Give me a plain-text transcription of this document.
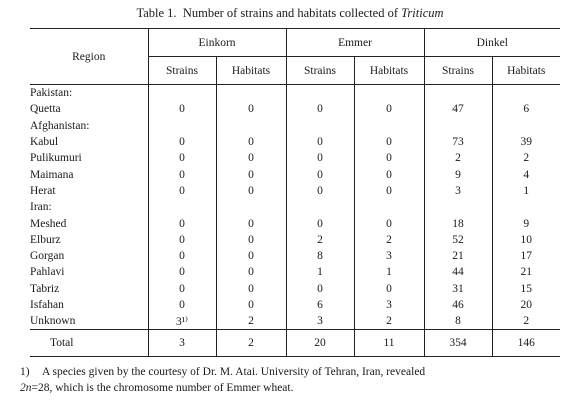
Table 1. Number of strains and habitats collected of Triticum
Region	Einkorn		Emmer		Dinkel	
	Strains	Habitats	Strains	Habitats	Strains	Habitats
Pakistan:						
Quetta	0	0	0	0	47	6
Afghanistan:						
Kabul	0	0	0	0	73	39
Pulikumuri	0	0	0	0	2	2
Maimana	0	0	0	0	9	4
Herat	0	0	0	0	3	1
Iran:						
Meshed	0	0	0	0	18	9
Elburz	0	0	2	2	52	10
Gorgan	0	0	8	3	21	17
Pahlavi	0	0	1	1	44	21
Tabriz	0	0	0	0	31	15
Isfahan	0	0	6	3	46	20
Unknown	3¹⁾	2	3	2	8	2
Total	3	2	20	11	354	146
1) A species given by the courtesy of Dr. M. Atai. University of Tehran, Iran, revealed
2n=28, which is the chromosome number of Emmer wheat.
